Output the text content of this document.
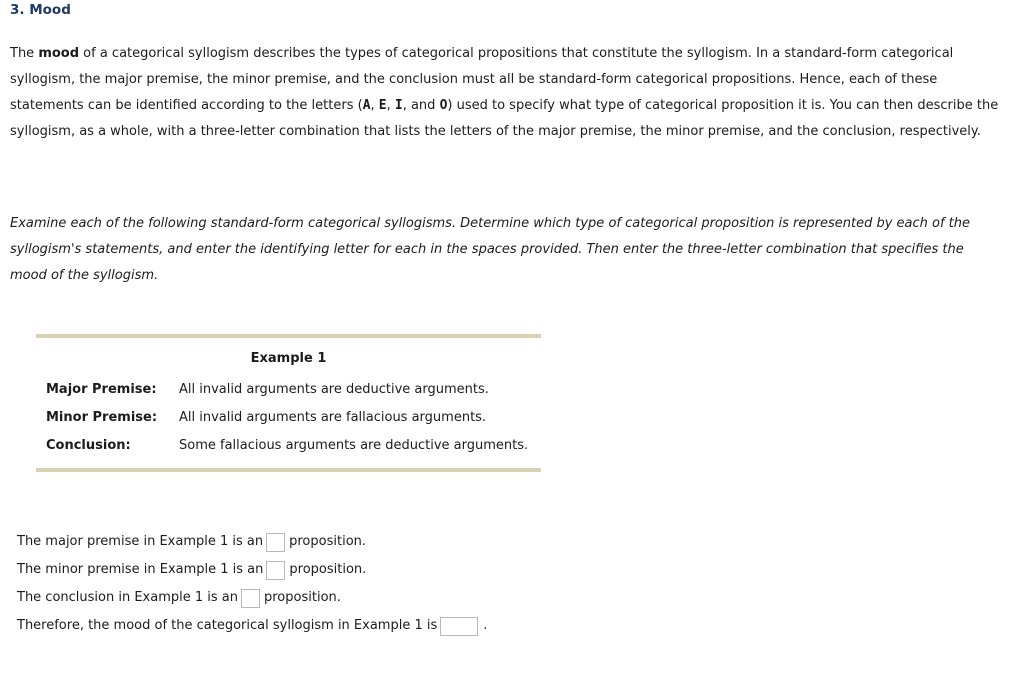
3. Mood
The mood of a categorical syllogism describes the types of categorical propositions that constitute the syllogism. In a standard-form categorical syllogism, the major premise, the minor premise, and the conclusion must all be standard-form categorical propositions. Hence, each of these statements can be identified according to the letters (A, E, I, and O) used to specify what type of categorical proposition it is. You can then describe the syllogism, as a whole, with a three-letter combination that lists the letters of the major premise, the minor premise, and the conclusion, respectively.
Examine each of the following standard-form categorical syllogisms. Determine which type of categorical proposition is represented by each of the syllogism's statements, and enter the identifying letter for each in the spaces provided. Then enter the three-letter combination that specifies the mood of the syllogism.
Example 1
Major Premise: All invalid arguments are deductive arguments.
Minor Premise: All invalid arguments are fallacious arguments.
Conclusion:	Some fallacious arguments are deductive arguments.
The major premise in Example 1 is an proposition.
The minor premise in Example 1 is an proposition.
The conclusion in Example 1 is an proposition.
Therefore, the mood of the categorical syllogism in Example 1 is	.
